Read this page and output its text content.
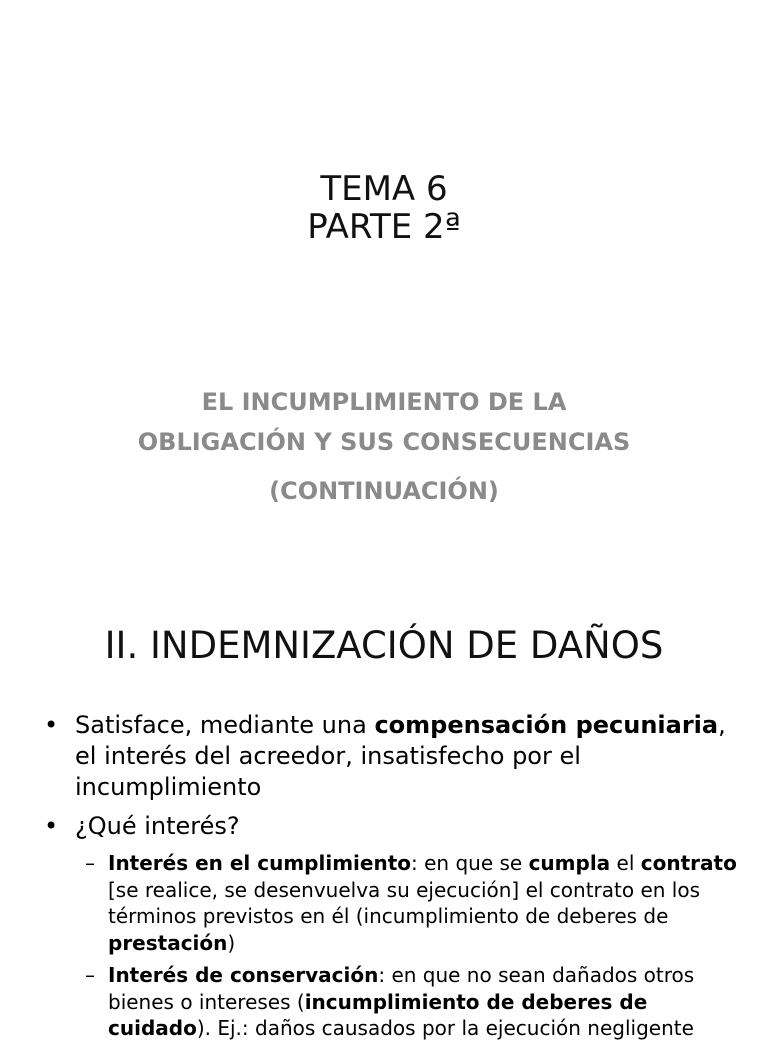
TEMA 6
PARTE 2ª
EL INCUMPLIMIENTO DE LA
OBLIGACIÓN Y SUS CONSECUENCIAS
(CONTINUACIÓN)
II. INDEMNIZACIÓN DE DAÑOS
• Satisface, mediante una compensación pecuniaria, el interés del acreedor, insatisfecho por el incumplimiento
• ¿Qué interés?
– Interés en el cumplimiento: en que se cumpla el contrato [se realice, se desenvuelva su ejecución] el contrato en los términos previstos en él (incumplimiento de deberes de prestación)
– Interés de conservación: en que no sean dañados otros bienes o intereses (incumplimiento de deberes de cuidado). Ej.: daños causados por la ejecución negligente
